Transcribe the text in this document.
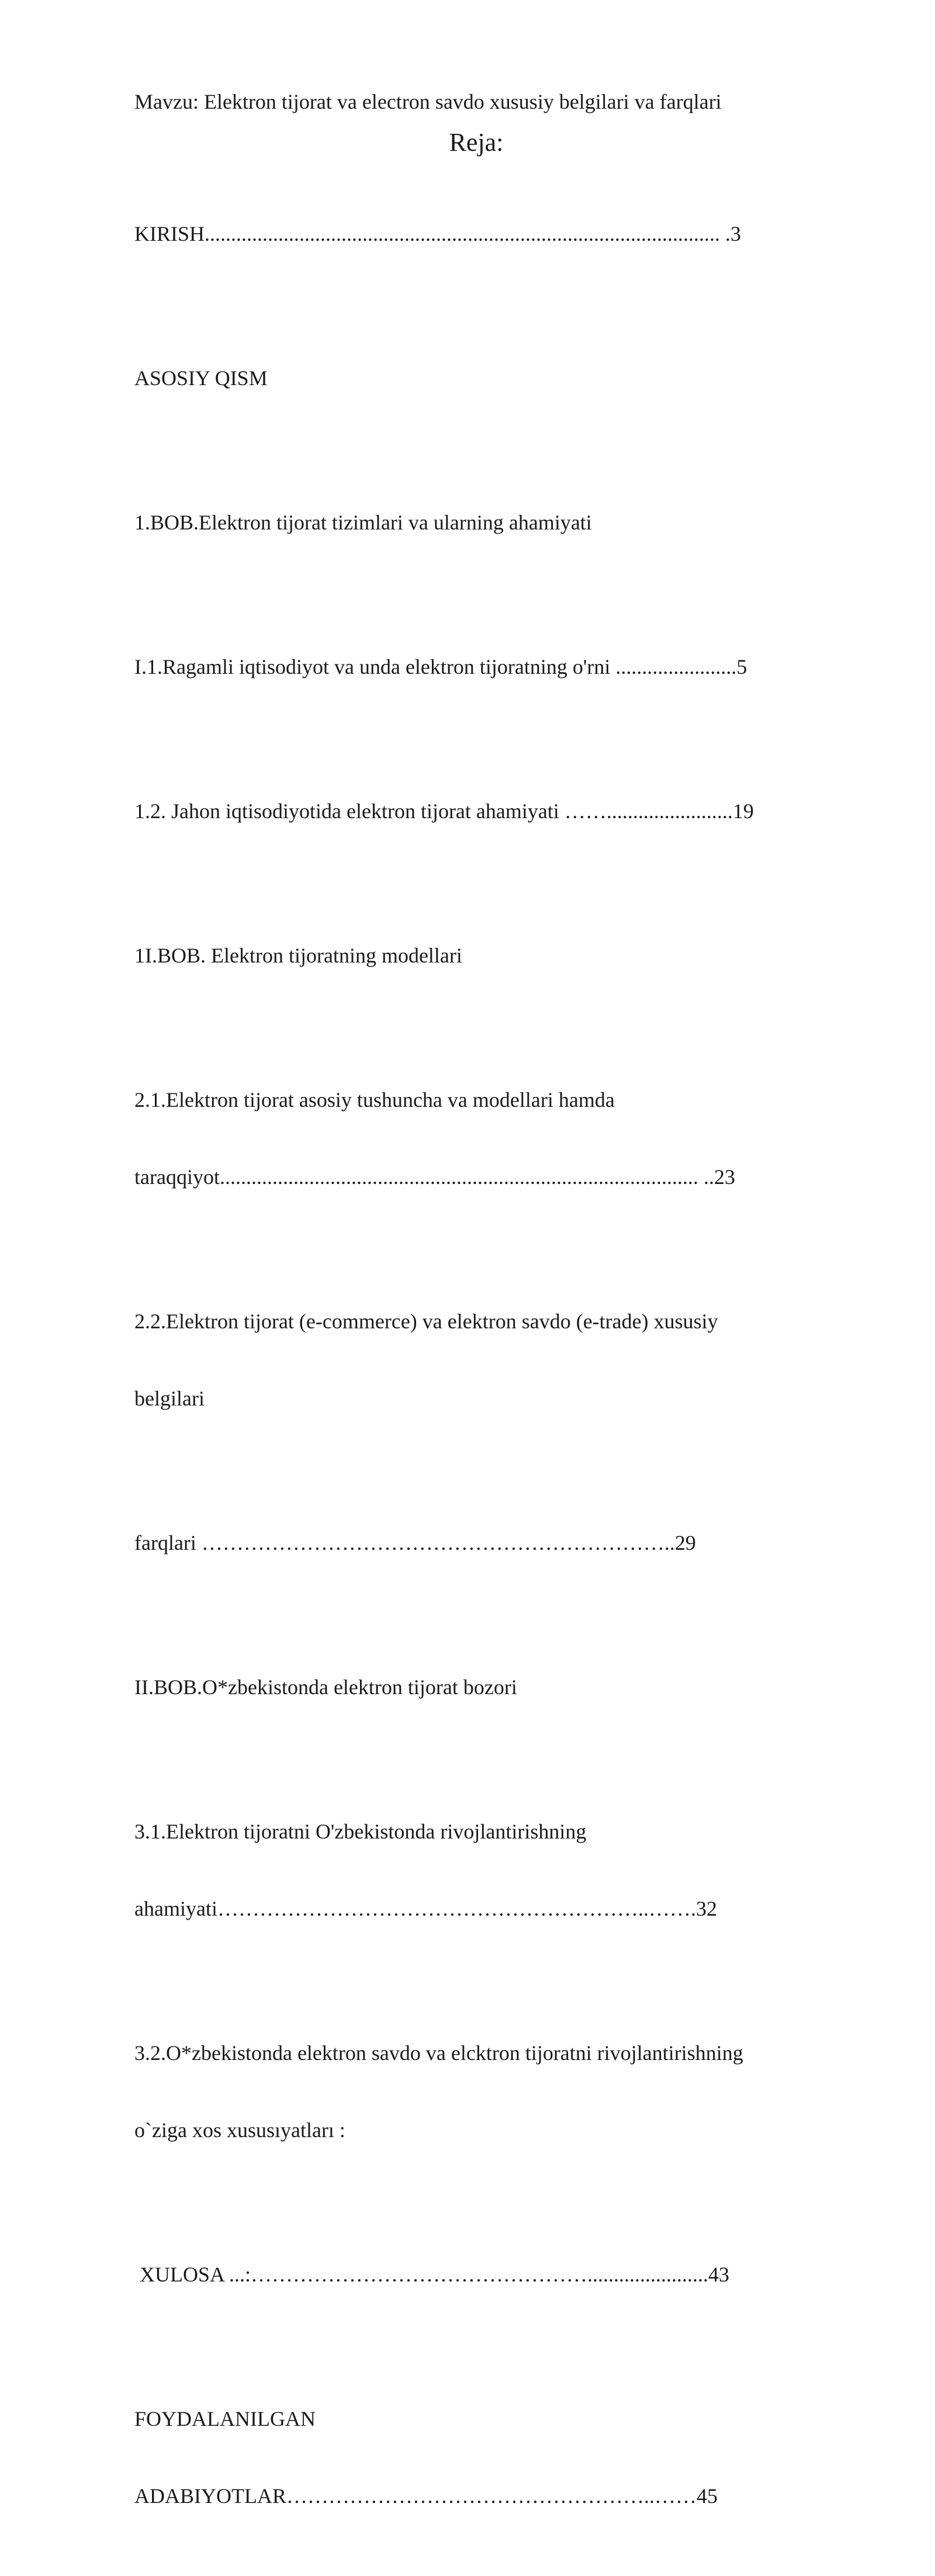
Mavzu: Elektron tijorat va electron savdo xususiy belgilari va farqlari

Reja:

KIRISH.................................................................................................. .3

ASOSIY QISM

1.BOB.Elektron tijorat tizimlari va ularning ahamiyati

I.1.Ragamli iqtisodiyot va unda elektron tijoratning o'rni .......................5

1.2. Jahon iqtisodiyotida elektron tijorat ahamiyati ……........................19

1I.BOB. Elektron tijoratning modellari

2.1.Elektron tijorat asosiy tushuncha va modellari hamda

taraqqiyot........................................................................................... ..23

2.2.Elektron tijorat (e-commerce) va elektron savdo (e-trade) xususiy

belgilari

farqlari …………………………………………………………..29

II.BOB.O*zbekistonda elektron tijorat bozori

3.1.Elektron tijoratni O'zbekistonda rivojlantirishning

ahamiyati……………………………………………………..…….32

3.2.O*zbekistonda elektron savdo va elcktron tijoratni rivojlantirishning

o`ziga xos xususıyatları :

XULOSA ...:………………………………………….......................43

FOYDALANILGAN

ADABIYOTLAR……………………………………………..……45
